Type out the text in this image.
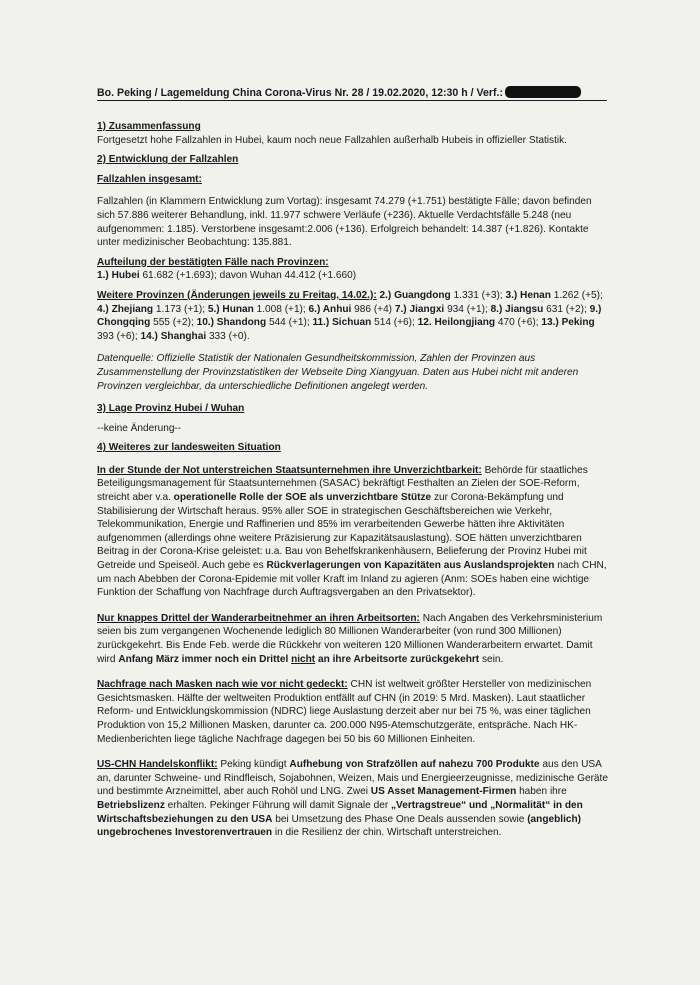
Bo. Peking / Lagemeldung China Corona-Virus Nr. 28 / 19.02.2020, 12:30 h / Verf.:

1) Zusammenfassung

Fortgesetzt hohe Fallzahlen in Hubei, kaum noch neue Fallzahlen außerhalb Hubeis in offizieller Statistik.

2) Entwicklung der Fallzahlen

Fallzahlen insgesamt:

Fallzahlen (in Klammern Entwicklung zum Vortag): insgesamt 74.279 (+1.751) bestätigte Fälle; davon befinden sich 57.886 weiterer Behandlung, inkl. 11.977 schwere Verläufe (+236). Aktuelle Verdachtsfälle 5.248 (neu aufgenommen: 1.185). Verstorbene insgesamt:2.006 (+136). Erfolgreich behandelt: 14.387 (+1.826). Kontakte unter medizinischer Beobachtung: 135.881.

Aufteilung der bestätigten Fälle nach Provinzen:

1.) Hubei 61.682 (+1.693); davon Wuhan 44.412 (+1.660)

Weitere Provinzen (Änderungen jeweils zu Freitag, 14.02.): 2.) Guangdong 1.331 (+3); 3.) Henan 1.262 (+5); 4.) Zhejiang 1.173 (+1); 5.) Hunan 1.008 (+1); 6.) Anhui 986 (+4) 7.) Jiangxi 934 (+1); 8.) Jiangsu 631 (+2); 9.) Chongqing 555 (+2); 10.) Shandong 544 (+1); 11.) Sichuan 514 (+6); 12. Heilongjiang 470 (+6); 13.) Peking 393 (+6); 14.) Shanghai 333 (+0).

Datenquelle: Offizielle Statistik der Nationalen Gesundheitskommission, Zahlen der Provinzen aus Zusammenstellung der Provinzstatistiken der Webseite Ding Xiangyuan. Daten aus Hubei nicht mit anderen Provinzen vergleichbar, da unterschiedliche Definitionen angelegt werden.

3) Lage Provinz Hubei / Wuhan

--keine Änderung--

4) Weiteres zur landesweiten Situation

In der Stunde der Not unterstreichen Staatsunternehmen ihre Unverzichtbarkeit: Behörde für staatliches Beteiligungsmanagement für Staatsunternehmen (SASAC) bekräftigt Festhalten an Zielen der SOE-Reform, streicht aber v.a. operationelle Rolle der SOE als unverzichtbare Stütze zur Corona-Bekämpfung und Stabilisierung der Wirtschaft heraus. 95% aller SOE in strategischen Geschäftsbereichen wie Verkehr, Telekommunikation, Energie und Raffinerien und 85% im verarbeitenden Gewerbe hätten ihre Aktivitäten aufgenommen (allerdings ohne weitere Präzisierung zur Kapazitätsauslastung). SOE hätten unverzichtbaren Beitrag in der Corona-Krise geleistet: u.a. Bau von Behelfskrankenhäusern, Belieferung der Provinz Hubei mit Getreide und Speiseöl. Auch gebe es Rückverlagerungen von Kapazitäten aus Auslandsprojekten nach CHN, um nach Abebben der Corona-Epidemie mit voller Kraft im Inland zu agieren (Anm: SOEs haben eine wichtige Funktion der Schaffung von Nachfrage durch Auftragsvergaben an den Privatsektor).

Nur knappes Drittel der Wanderarbeitnehmer an ihren Arbeitsorten: Nach Angaben des Verkehrsministerium seien bis zum vergangenen Wochenende lediglich 80 Millionen Wanderarbeiter (von rund 300 Millionen) zurückgekehrt. Bis Ende Feb. werde die Rückkehr von weiteren 120 Millionen Wanderarbeitern erwartet. Damit wird Anfang März immer noch ein Drittel nicht an ihre Arbeitsorte zurückgekehrt sein.

Nachfrage nach Masken nach wie vor nicht gedeckt: CHN ist weltweit größter Hersteller von medizinischen Gesichtsmasken. Hälfte der weltweiten Produktion entfällt auf CHN (in 2019: 5 Mrd. Masken). Laut staatlicher Reform- und Entwicklungskommission (NDRC) liege Auslastung derzeit aber nur bei 75 %, was einer täglichen Produktion von 15,2 Millionen Masken, darunter ca. 200.000 N95-Atemschutzgeräte, entspräche. Nach HK-Medienberichten liege tägliche Nachfrage dagegen bei 50 bis 60 Millionen Einheiten.

US-CHN Handelskonflikt: Peking kündigt Aufhebung von Strafzöllen auf nahezu 700 Produkte aus den USA an, darunter Schweine- und Rindfleisch, Sojabohnen, Weizen, Mais und Energieerzeugnisse, medizinische Geräte und bestimmte Arzneimittel, aber auch Rohöl und LNG. Zwei US Asset Management-Firmen haben ihre Betriebslizenz erhalten. Pekinger Führung will damit Signale der „Vertragstreue“ und „Normalität“ in den Wirtschaftsbeziehungen zu den USA bei Umsetzung des Phase One Deals aussenden sowie (angeblich) ungebrochenes Investorenvertrauen in die Resilienz der chin. Wirtschaft unterstreichen.
